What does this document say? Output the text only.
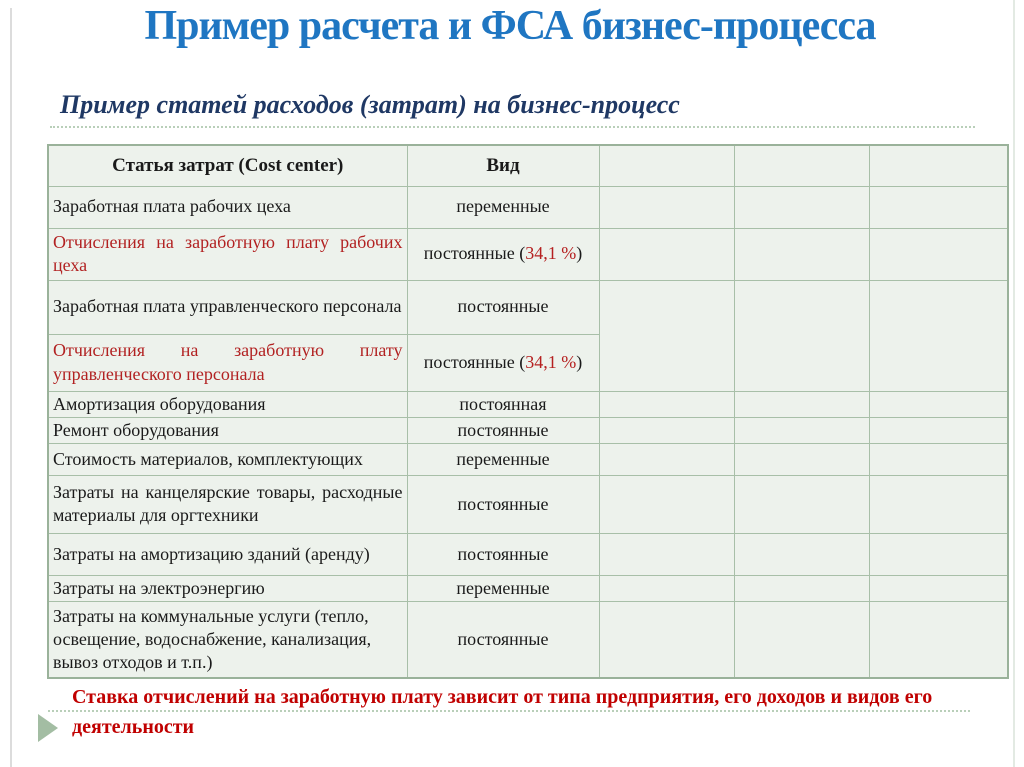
Пример расчета и ФСА бизнес-процесса
Пример статей расходов (затрат) на бизнес-процесс
Статья затрат (Cost center)	Вид			
Заработная плата рабочих цеха	переменные			
Отчисления на заработную плату рабочих цеха	постоянные (34,1 %)			
Заработная плата управленческого персонала	постоянные			
Отчисления на заработную плату управленческого персонала	постоянные (34,1 %)			
Амортизация оборудования	постоянная			
Ремонт оборудования	постоянные			
Стоимость материалов, комплектующих	переменные			
Затраты на канцелярские товары, расходные материалы для оргтехники	постоянные			
Затраты на амортизацию зданий (аренду)	постоянные			
Затраты на электроэнергию	переменные			
Затраты на коммунальные услуги (тепло, освещение, водоснабжение, канализация, вывоз отходов и т.п.)	постоянные			

Ставка отчислений на заработную плату зависит от типа предприятия, его доходов и видов его деятельности
